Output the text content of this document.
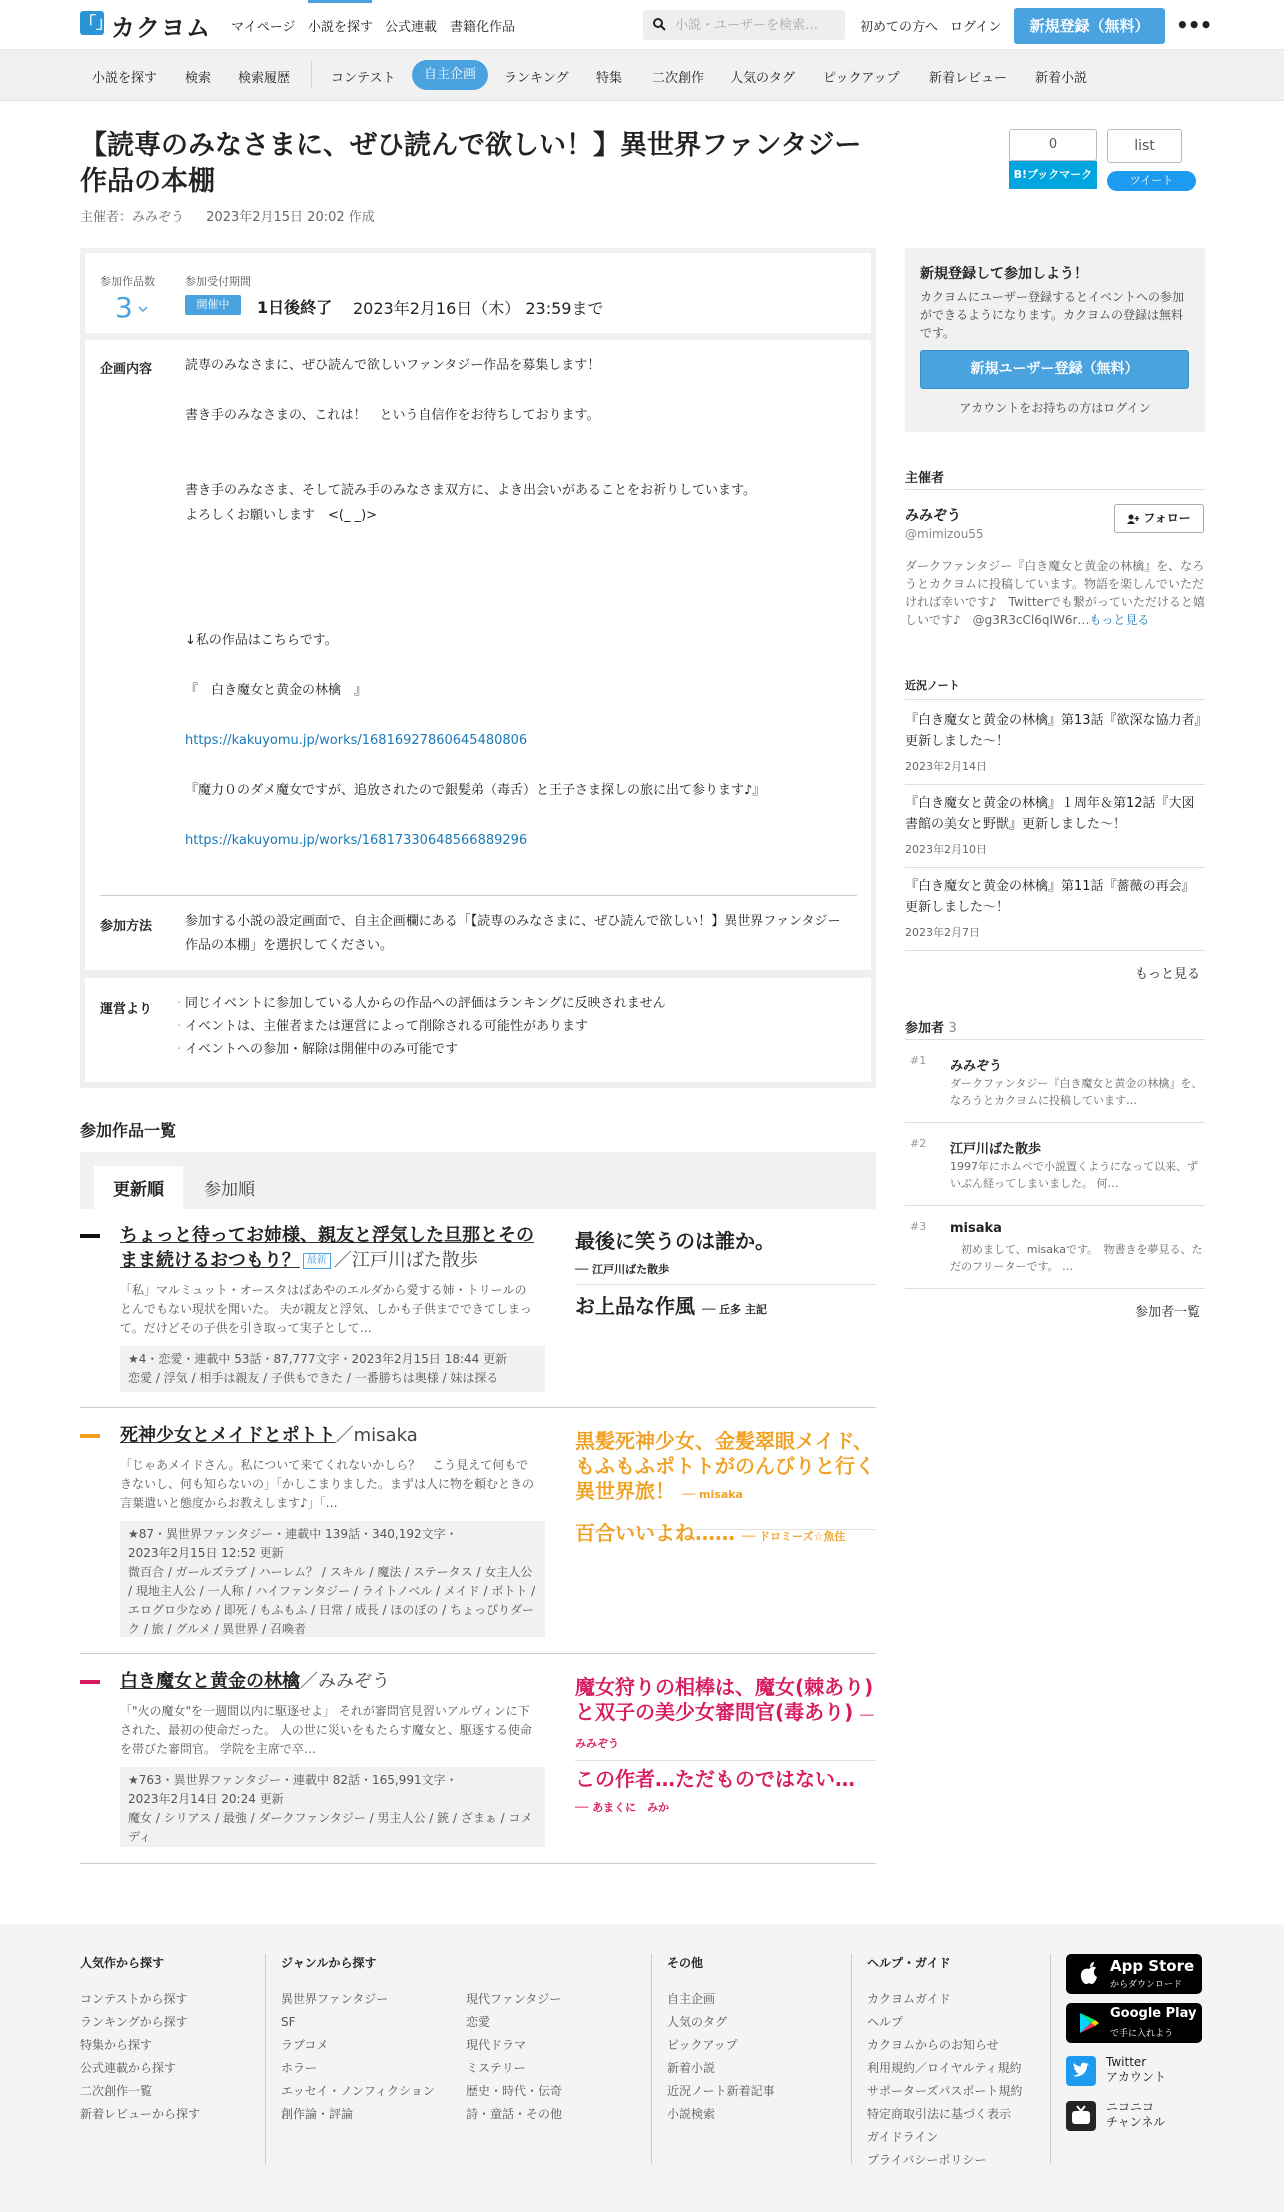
「」
カクヨム マイページ 小説を探す 公式連載 書籍化作品
小説・ユーザーを検索…	初めての方へ ログイン	新規登録（無料）	•••
小説を探す 検索 検索履歴	コンテスト	自主企画	ランキング 特集 二次創作 人気のタグ ピックアップ 新着レビュー 新着小説
【読専のみなさまに、ぜひ読んで欲しい！】異世界ファンタジー作品の本棚
主催者：みみぞう 2023年2月15日 20:02 作成
0
B!ブックマーク
list
ツイート
参加作品数
3
参加受付期間
開催中	1日後終了 2023年2月16日（木） 23:59まで
企画内容	読専のみなさまに、ぜひ読んで欲しいファンタジー作品を募集します！
書き手のみなさまの、これは！　という自信作をお待ちしております。
書き手のみなさま、そして読み手のみなさま双方に、よき出会いがあることをお祈りしています。
よろしくお願いします　<(_ _)>
↓私の作品はこちらです。
『　白き魔女と黄金の林檎　』
https://kakuyomu.jp/works/16816927860645480806
『魔力０のダメ魔女ですが、追放されたので銀髪弟（毒舌）と王子さま探しの旅に出て参ります♪』
https://kakuyomu.jp/works/16817330648566889296
参加方法	参加する小説の設定画面で、自主企画欄にある「【読専のみなさまに、ぜひ読んで欲しい！】異世界ファンタジー作品の本棚」を選択してください。
運営より · 同じイベントに参加している人からの作品への評価はランキングに反映されません
· イベントは、主催者または運営によって削除される可能性があります
· イベントへの参加・解除は開催中のみ可能です
参加作品一覧
更新順	参加順
ちょっと待ってお姉様、親友と浮気した旦那とそのまま続けるおつもり？ 最新 ／江戸川ばた散歩
「私」マルミュット・オースタはばあやのエルダから愛する姉・トリールのとんでもない現状を聞いた。 夫が親友と浮気、しかも子供までできてしまって。だけどその子供を引き取って実子として…
★4・恋愛・連載中 53話・87,777文字・2023年2月15日 18:44 更新
恋愛 / 浮気 / 相手は親友 / 子供もできた / 一番勝ちは奥様 / 妹は探る
最後に笑うのは誰か。
── 江戸川ばた散歩
お上品な作風 ── 丘多 主記
死神少女とメイドとポトト／misaka
「じゃあメイドさん。私について来てくれないかしら？　こう見えて何もできないし、何も知らないの」「かしこまりました。まずは人に物を頼むときの言葉遣いと態度からお教えします♪」「…
★87・異世界ファンタジー・連載中 139話・340,192文字・
2023年2月15日 12:52 更新
微百合 / ガールズラブ / ハーレム？ / スキル / 魔法 / ステータス / 女主人公 / 現地主人公 / 一人称 / ハイファンタジー / ライトノベル / メイド / ポトト / エログロ少なめ / 即死 / もふもふ / 日常 / 成長 / ほのぼの / ちょっぴりダーク / 旅 / グルメ / 異世界 / 召喚者
黒髪死神少女、金髪翠眼メイド、もふもふポトトがのんびりと行く異世界旅！ ── misaka
百合いいよね…… ── ドロミーズ☆魚住
白き魔女と黄金の林檎／みみぞう
「"火の魔女"を一週間以内に駆逐せよ」 それが審問官見習いアルヴィンに下された、最初の使命だった。 人の世に災いをもたらす魔女と、駆逐する使命を帯びた審問官。 学院を主席で卒…
★763・異世界ファンタジー・連載中 82話・165,991文字・
2023年2月14日 20:24 更新
魔女 / シリアス / 最強 / ダークファンタジー / 男主人公 / 銃 / ざまぁ / コメディ
魔女狩りの相棒は、魔女(棘あり)と双子の美少女審問官(毒あり) ── みみぞう
この作者…ただものではない… ── あまくに　みか
新規登録して参加しよう！
カクヨムにユーザー登録するとイベントへの参加ができるようになります。カクヨムの登録は無料です。
新規ユーザー登録（無料）
アカウントをお持ちの方はログイン
主催者
みみぞう
@mimizou55
フォロー
ダークファンタジー『白き魔女と黄金の林檎』を、なろうとカクヨムに投稿しています。物語を楽しんでいただければ幸いです♪　Twitterでも繋がっていただけると嬉しいです♪　@g3R3cCl6qIW6r…もっと見る
近況ノート
『白き魔女と黄金の林檎』第13話『欲深な協力者』更新しました～！
2023年2月14日
『白き魔女と黄金の林檎』１周年＆第12話『大図書館の美女と野獣』更新しました～！
2023年2月10日
『白き魔女と黄金の林檎』第11話『薔薇の再会』更新しました～！
2023年2月7日
もっと見る
参加者 3
#1 みみぞう
ダークファンタジー『白き魔女と黄金の林檎』を、なろうとカクヨムに投稿しています…
#2 江戸川ばた散歩
1997年にホムペで小説置くようになって以来、ずいぶん経ってしまいました。 何…
#3 misaka
　初めまして、misakaです。　物書きを夢見る、ただのフリーターです。 …
参加者一覧
人気作から探す
コンテストから探す
ランキングから探す
特集から探す
公式連載から探す
二次創作一覧
新着レビューから探す
ジャンルから探す
異世界ファンタジー
SF
ラブコメ
ホラー
エッセイ・ノンフィクション
創作論・評論
現代ファンタジー
恋愛
現代ドラマ
ミステリー
歴史・時代・伝奇
詩・童話・その他
その他
自主企画
人気のタグ
ピックアップ
新着小説
近況ノート新着記事
小説検索
ヘルプ・ガイド
カクヨムガイド
ヘルプ
カクヨムからのお知らせ
利用規約／ロイヤルティ規約
サポーターズパスポート規約
特定商取引法に基づく表示
ガイドライン
プライバシーポリシー
App Store
からダウンロード
Google Play
で手に入れよう
Twitter
アカウント
ニコニコ
チャンネル
